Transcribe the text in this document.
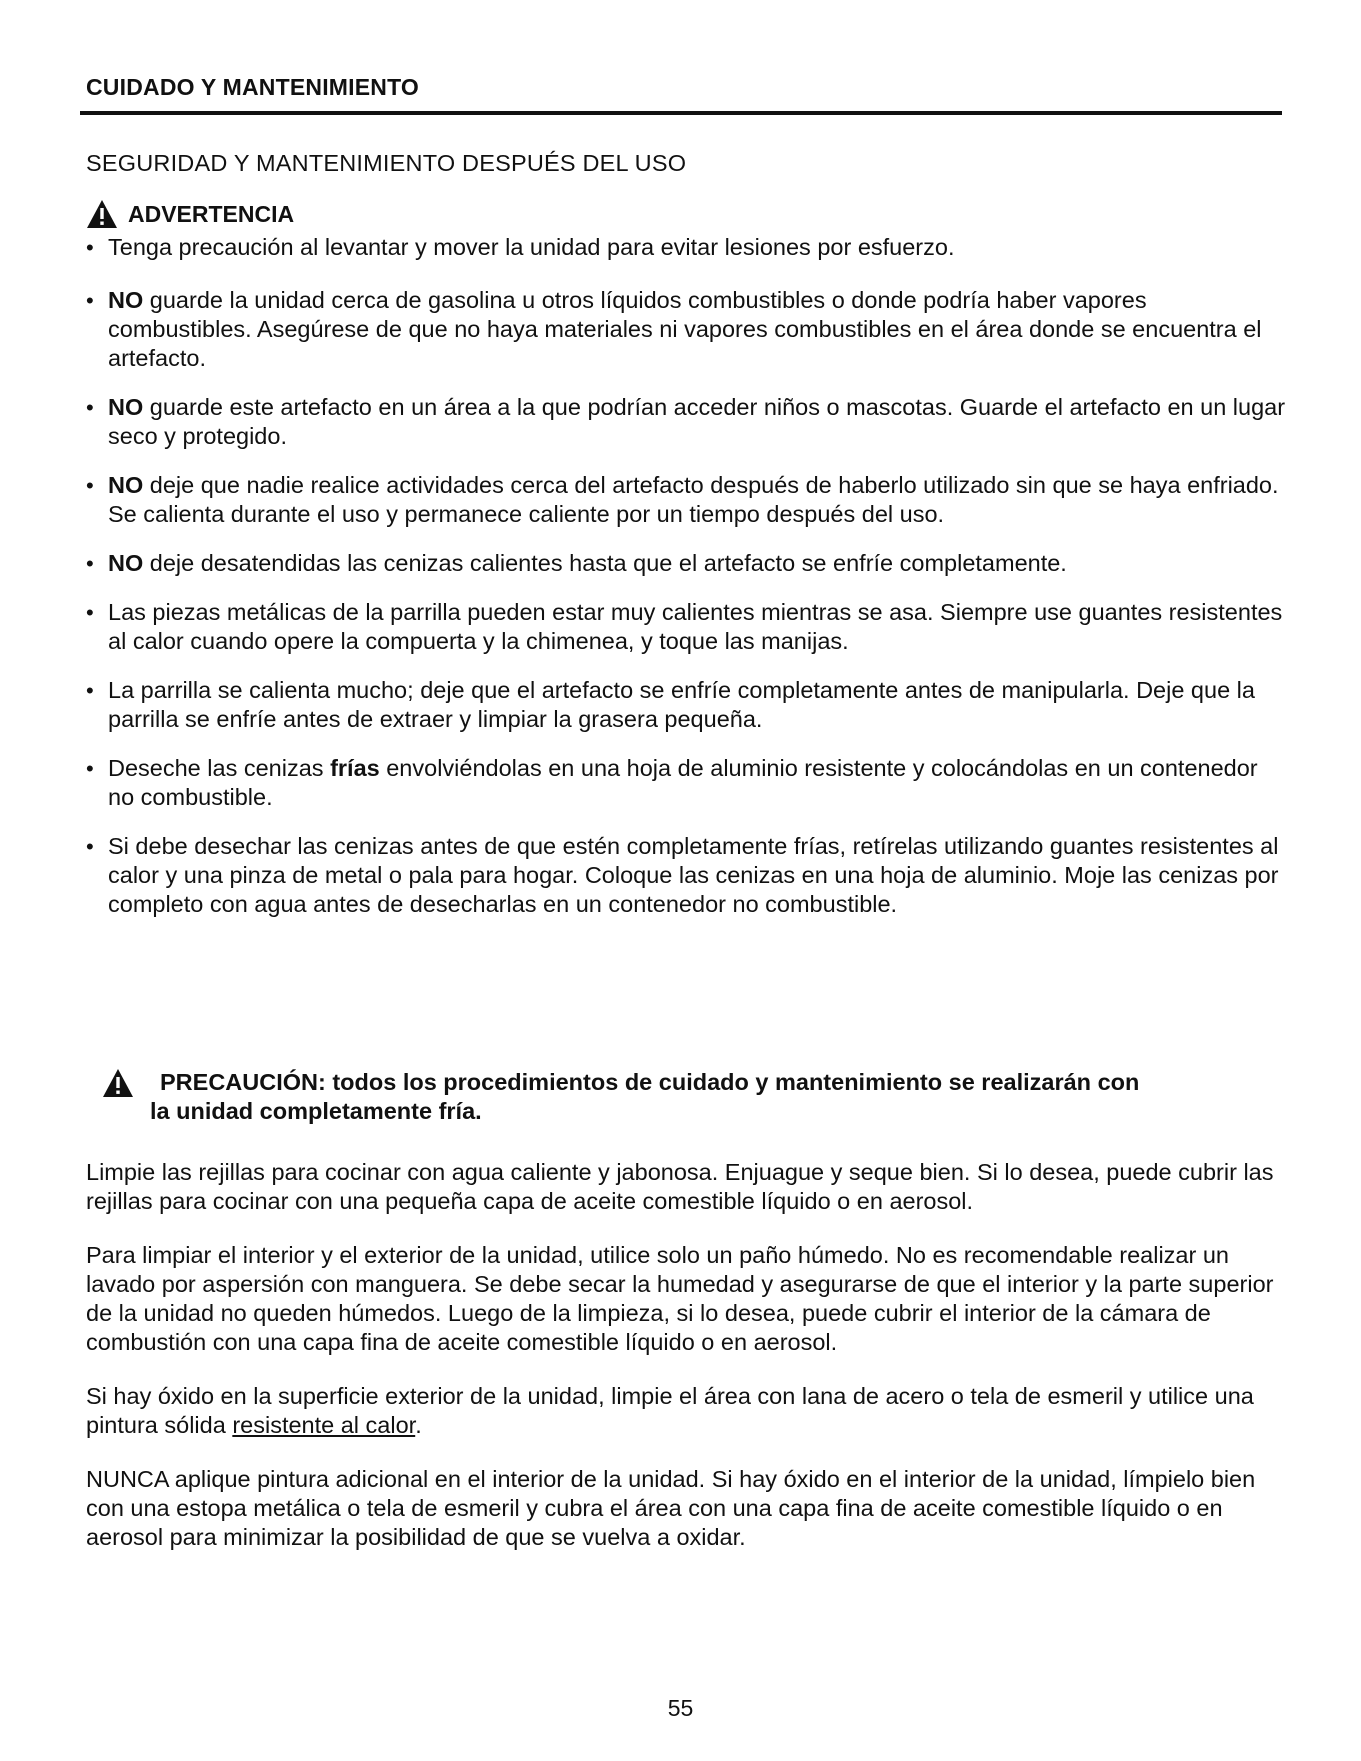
CUIDADO Y MANTENIMIENTO
SEGURIDAD Y MANTENIMIENTO DESPUÉS DEL USO
ADVERTENCIA
• Tenga precaución al levantar y mover la unidad para evitar lesiones por esfuerzo.
• NO guarde la unidad cerca de gasolina u otros líquidos combustibles o donde podría haber vapores combustibles. Asegúrese de que no haya materiales ni vapores combustibles en el área donde se encuentra el artefacto.
• NO guarde este artefacto en un área a la que podrían acceder niños o mascotas. Guarde el artefacto en un lugar seco y protegido.
• NO deje que nadie realice actividades cerca del artefacto después de haberlo utilizado sin que se haya enfriado. Se calienta durante el uso y permanece caliente por un tiempo después del uso.
• NO deje desatendidas las cenizas calientes hasta que el artefacto se enfríe completamente.
• Las piezas metálicas de la parrilla pueden estar muy calientes mientras se asa. Siempre use guantes resistentes al calor cuando opere la compuerta y la chimenea, y toque las manijas.
• La parrilla se calienta mucho; deje que el artefacto se enfríe completamente antes de manipularla. Deje que la parrilla se enfríe antes de extraer y limpiar la grasera pequeña.
• Deseche las cenizas frías envolviéndolas en una hoja de aluminio resistente y colocándolas en un contenedor no combustible.
• Si debe desechar las cenizas antes de que estén completamente frías, retírelas utilizando guantes resistentes al calor y una pinza de metal o pala para hogar. Coloque las cenizas en una hoja de aluminio. Moje las cenizas por completo con agua antes de desecharlas en un contenedor no combustible.
PRECAUCIÓN: todos los procedimientos de cuidado y mantenimiento se realizarán con
la unidad completamente fría.

Limpie las rejillas para cocinar con agua caliente y jabonosa. Enjuague y seque bien. Si lo desea, puede cubrir las rejillas para cocinar con una pequeña capa de aceite comestible líquido o en aerosol.

Para limpiar el interior y el exterior de la unidad, utilice solo un paño húmedo. No es recomendable realizar un lavado por aspersión con manguera. Se debe secar la humedad y asegurarse de que el interior y la parte superior de la unidad no queden húmedos. Luego de la limpieza, si lo desea, puede cubrir el interior de la cámara de combustión con una capa fina de aceite comestible líquido o en aerosol.

Si hay óxido en la superficie exterior de la unidad, limpie el área con lana de acero o tela de esmeril y utilice una pintura sólida resistente al calor.

NUNCA aplique pintura adicional en el interior de la unidad. Si hay óxido en el interior de la unidad, límpielo bien con una estopa metálica o tela de esmeril y cubra el área con una capa fina de aceite comestible líquido o en aerosol para minimizar la posibilidad de que se vuelva a oxidar.

55
